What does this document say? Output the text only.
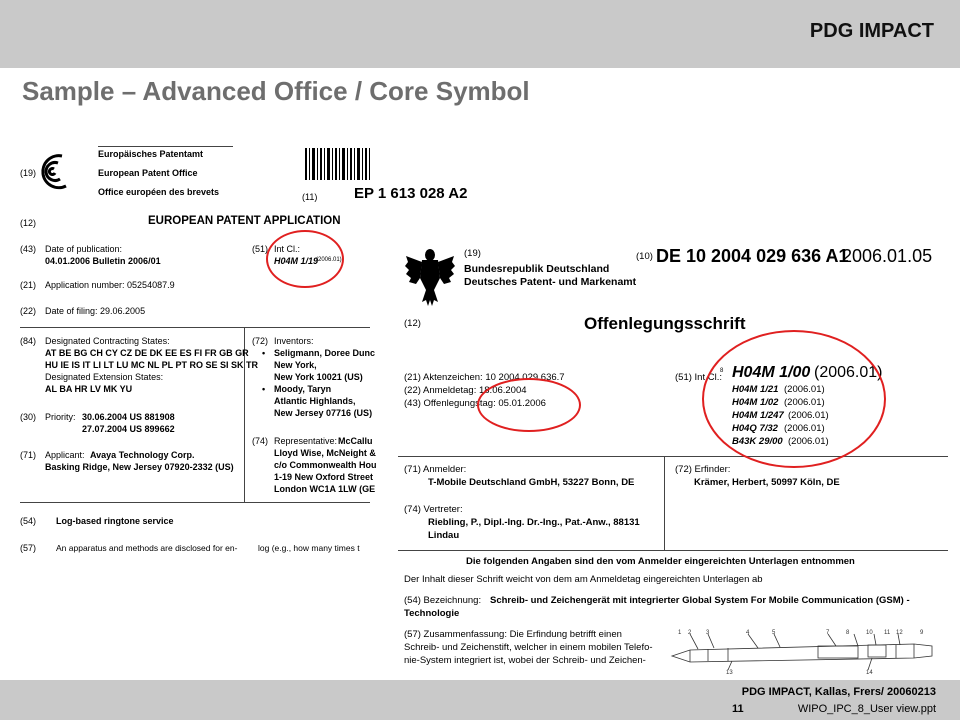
PDG IMPACT
Sample – Advanced Office / Core Symbol
(19)
Europäisches Patentamt
European Patent Office
Office européen des brevets	(11) EP 1 613 028 A2
(12)	EUROPEAN PATENT APPLICATION
(43) Date of publication:
04.01.2006 Bulletin 2006/01
(51) Int Cl.:
H04M 1/19
(2006.01)
(21) Application number: 05254087.9
(22) Date of filing: 29.06.2005
(84) Designated Contracting States:
AT BE BG CH CY CZ DE DK EE ES FI FR GB GR
HU IE IS IT LI LT LU MC NL PL PT RO SE SI SK TR
Designated Extension States:
AL BA HR LV MK YU
(72) Inventors:
• Seligmann, Doree Dunc
New York,
New York 10021 (US)
• Moody, Taryn
Atlantic Highlands,
New Jersey 07716 (US)
(30) Priority: 30.06.2004 US 881908
27.07.2004 US 899662
(74) Representative: McCallu
Lloyd Wise, McNeight &
c/o Commonwealth Hou
1-19 New Oxford Street
London WC1A 1LW (GE
(71) Applicant: Avaya Technology Corp.
Basking Ridge, New Jersey 07920-2332 (US)
(54) Log-based ringtone service
(57) An apparatus and methods are disclosed for en- log (e.g., how many times t
(19)
Bundesrepublik Deutschland
Deutsches Patent- und Markenamt
(10) DE 10 2004 029 636 A1
2006.01.05
(12)	Offenlegungsschrift
(21) Aktenzeichen: 10 2004 029 636.7
(22) Anmeldetag: 18.06.2004
(43) Offenlegungstag: 05.01.2006
(51) Int Cl.:
8 H04M 1/00 (2006.01)
H04M 1/21 (2006.01)
H04M 1/02 (2006.01)
H04M 1/247 (2006.01)
H04Q 7/32 (2006.01)
B43K 29/00 (2006.01)
(71) Anmelder:
T-Mobile Deutschland GmbH, 53227 Bonn, DE
(72) Erfinder:
Krämer, Herbert, 50997 Köln, DE
(74) Vertreter:
Riebling, P., Dipl.-Ing. Dr.-Ing., Pat.-Anw., 88131
Lindau
Die folgenden Angaben sind den vom Anmelder eingereichten Unterlagen entnommen
Der Inhalt dieser Schrift weicht von dem am Anmeldetag eingereichten Unterlagen ab
(54) Bezeichnung: Schreib- und Zeichengerät mit integrierter Global System For Mobile Communication (GSM) -
Technologie
(57) Zusammenfassung: Die Erfindung betrifft einen
Schreib- und Zeichenstift, welcher in einem mobilen Telefo-
nie-System integriert ist, wobei der Schreib- und Zeichen-
1 2 3	4	5	7	8	10 11 12	9
13	14
PDG IMPACT, Kallas, Frers/ 20060213
11	WIPO_IPC_8_User view.ppt
